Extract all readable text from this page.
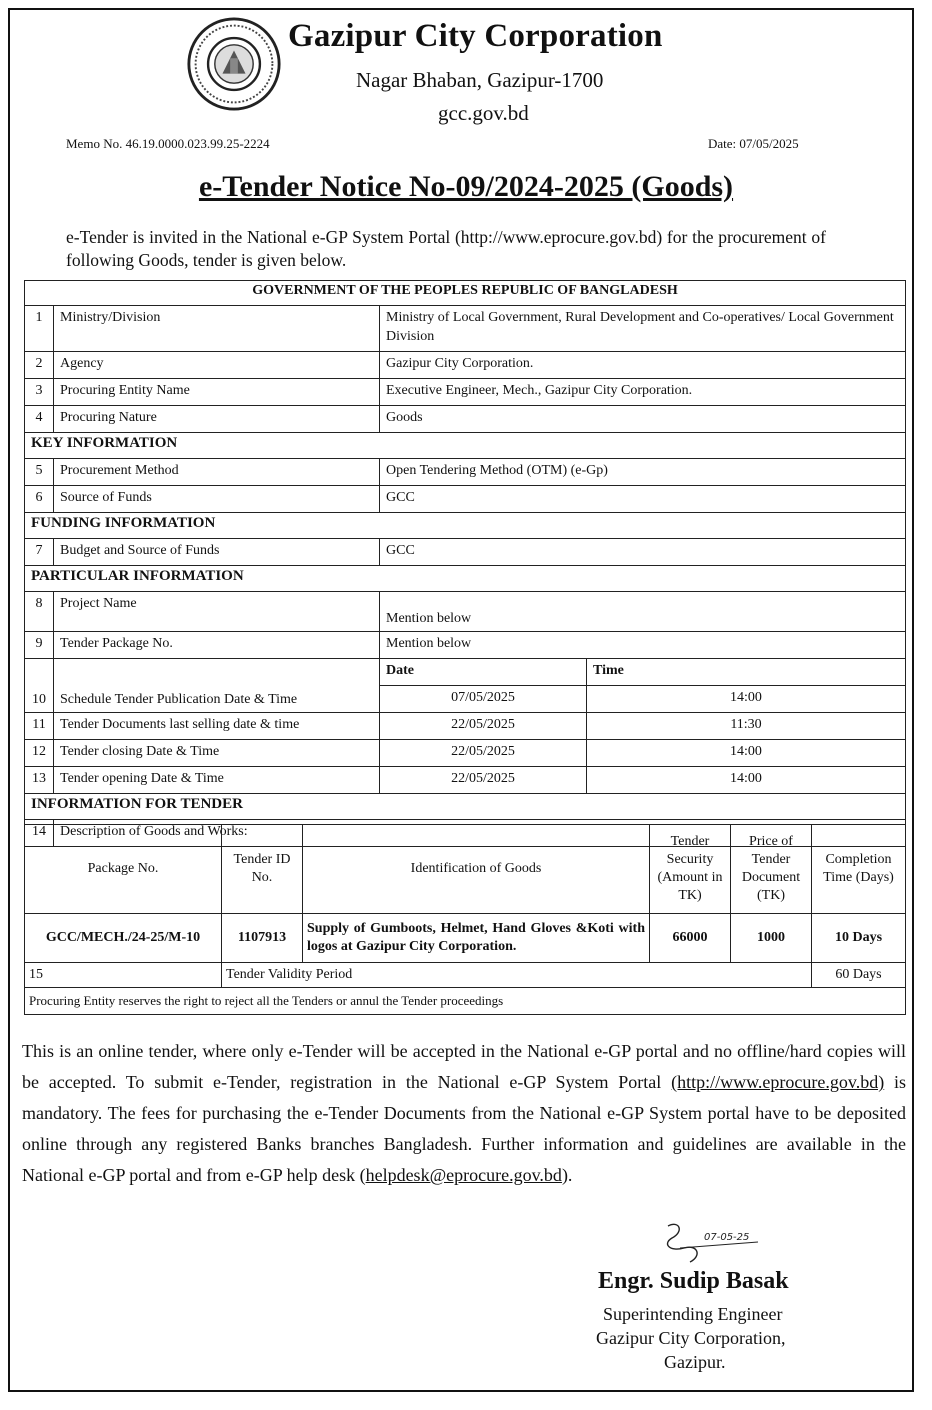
Gazipur City Corporation
Nagar Bhaban, Gazipur-1700
gcc.gov.bd
Memo No. 46.19.0000.023.99.25-2224	Date: 07/05/2025
e-Tender Notice No-09/2024-2025 (Goods)
e-Tender is invited in the National e-GP System Portal (http://www.eprocure.gov.bd) for the procurement of following Goods, tender is given below.
GOVERNMENT OF THE PEOPLES REPUBLIC OF BANGLADESH			
1	Ministry/Division	Ministry of Local Government, Rural Development and Co-operatives/ Local Government Division	
2	Agency	Gazipur City Corporation.	
3	Procuring Entity Name	Executive Engineer, Mech., Gazipur City Corporation.	
4	Procuring Nature	Goods	
KEY INFORMATION			
5	Procurement Method	Open Tendering Method (OTM) (e-Gp)	
6	Source of Funds	GCC	
FUNDING INFORMATION			
7	Budget and Source of Funds	GCC	
PARTICULAR INFORMATION			
8	Project Name	Mention below	
9	Tender Package No.	Mention below	
10	Schedule Tender Publication Date & Time	Date	Time
		07/05/2025	14:00
11	Tender Documents last selling date & time	22/05/2025	11:30
12	Tender closing Date & Time	22/05/2025	14:00
13	Tender opening Date & Time	22/05/2025	14:00
INFORMATION FOR TENDER			
14	Description of Goods and Works:		
Package No.	Tender ID No.	Identification of Goods	Tender Security (Amount in TK)	Price of Tender Document (TK)	Completion Time (Days)
GCC/MECH./24-25/M-10	1107913	Supply of Gumboots, Helmet, Hand Gloves &Koti with logos at Gazipur City Corporation.	66000	1000	10 Days
15	Tender Validity Period				60 Days
Procuring Entity reserves the right to reject all the Tenders or annul the Tender proceedings					
This is an online tender, where only e-Tender will be accepted in the National e-GP portal and no offline/hard copies will be accepted. To submit e-Tender, registration in the National e-GP System Portal (http://www.eprocure.gov.bd) is mandatory. The fees for purchasing the e-Tender Documents from the National e-GP System portal have to be deposited online through any registered Banks branches Bangladesh. Further information and guidelines are available in the National e-GP portal and from e-GP help desk (helpdesk@eprocure.gov.bd).
07-05-25
Engr. Sudip Basak
Superintending Engineer
Gazipur City Corporation,
Gazipur.
